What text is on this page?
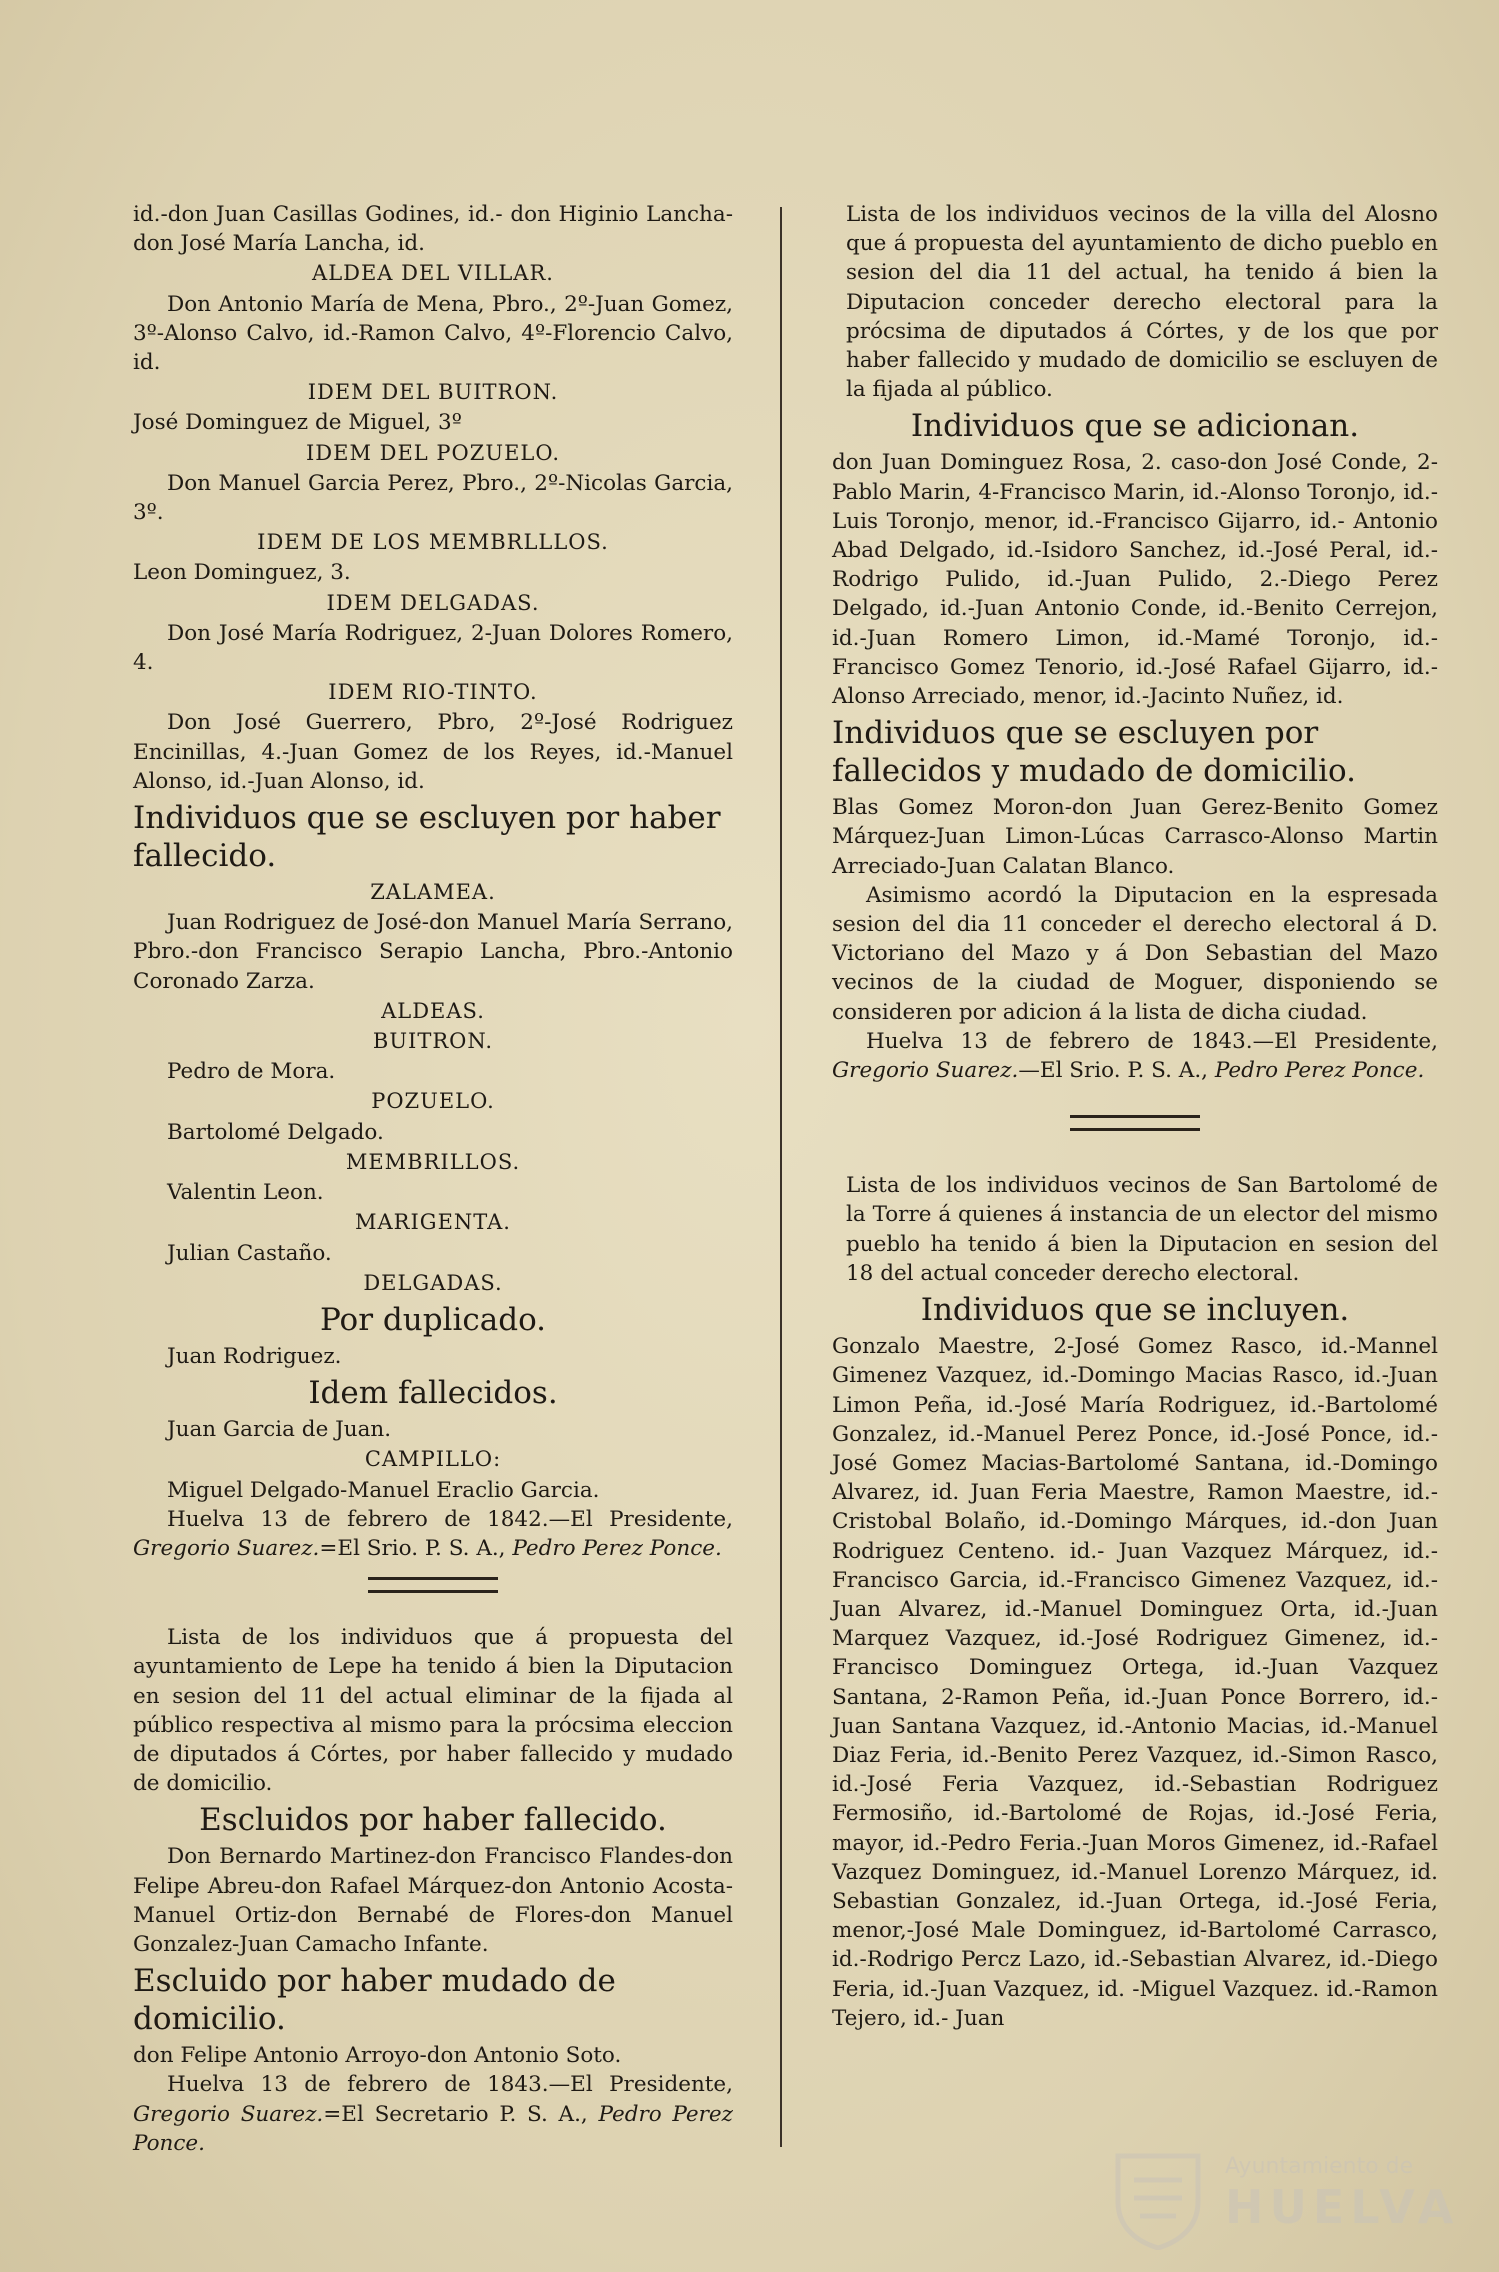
id.-don Juan Casillas Godines, id.- don Higinio Lancha-don José María Lancha, id.

ALDEA DEL VILLAR.

Don Antonio María de Mena, Pbro., 2º-Juan Gomez, 3º-Alonso Calvo, id.-Ramon Calvo, 4º-Florencio Calvo, id.

IDEM DEL BUITRON.

José Dominguez de Miguel, 3º

IDEM DEL POZUELO.

Don Manuel Garcia Perez, Pbro., 2º-Nicolas Garcia, 3º.

IDEM DE LOS MEMBRLLLOS.

Leon Dominguez, 3.

IDEM DELGADAS.

Don José María Rodriguez, 2-Juan Dolores Romero, 4.

IDEM RIO-TINTO.

Don José Guerrero, Pbro, 2º-José Rodriguez Encinillas, 4.-Juan Gomez de los Reyes, id.-Manuel Alonso, id.-Juan Alonso, id.

Individuos que se escluyen por haber fallecido.

ZALAMEA.

Juan Rodriguez de José-don Manuel María Serrano, Pbro.-don Francisco Serapio Lancha, Pbro.-Antonio Coronado Zarza.

ALDEAS.

BUITRON.

Pedro de Mora.

POZUELO.

Bartolomé Delgado.

MEMBRILLOS.

Valentin Leon.

MARIGENTA.

Julian Castaño.

DELGADAS.

Por duplicado.

Juan Rodriguez.

Idem fallecidos.

Juan Garcia de Juan.

CAMPILLO:

Miguel Delgado-Manuel Eraclio Garcia.

Huelva 13 de febrero de 1842.—El Presidente, Gregorio Suarez.=El Srio. P. S. A., Pedro Perez Ponce.

Lista de los individuos que á propuesta del ayuntamiento de Lepe ha tenido á bien la Diputacion en sesion del 11 del actual eliminar de la fijada al público respectiva al mismo para la prócsima eleccion de diputados á Córtes, por haber fallecido y mudado de domicilio.

Escluidos por haber fallecido.

Don Bernardo Martinez-don Francisco Flandes-don Felipe Abreu-don Rafael Márquez-don Antonio Acosta-Manuel Ortiz-don Bernabé de Flores-don Manuel Gonzalez-Juan Camacho Infante.

Escluido por haber mudado de domicilio.

don Felipe Antonio Arroyo-don Antonio Soto.

Huelva 13 de febrero de 1843.—El Presidente, Gregorio Suarez.=El Secretario P. S. A., Pedro Perez Ponce.

Lista de los individuos vecinos de la villa del Alosno que á propuesta del ayuntamiento de dicho pueblo en sesion del dia 11 del actual, ha tenido á bien la Diputacion conceder derecho electoral para la prócsima de diputados á Córtes, y de los que por haber fallecido y mudado de domicilio se escluyen de la fijada al público.

Individuos que se adicionan.

don Juan Dominguez Rosa, 2. caso-don José Conde, 2-Pablo Marin, 4-Francisco Marin, id.-Alonso Toronjo, id.-Luis Toronjo, menor, id.-Francisco Gijarro, id.- Antonio Abad Delgado, id.-Isidoro Sanchez, id.-José Peral, id.-Rodrigo Pulido, id.-Juan Pulido, 2.-Diego Perez Delgado, id.-Juan Antonio Conde, id.-Benito Cerrejon, id.-Juan Romero Limon, id.-Mamé Toronjo, id.-Francisco Gomez Tenorio, id.-José Rafael Gijarro, id.-Alonso Arreciado, menor, id.-Jacinto Nuñez, id.

Individuos que se escluyen por fallecidos y mudado de domicilio.

Blas Gomez Moron-don Juan Gerez-Benito Gomez Márquez-Juan Limon-Lúcas Carrasco-Alonso Martin Arreciado-Juan Calatan Blanco.

Asimismo acordó la Diputacion en la espresada sesion del dia 11 conceder el derecho electoral á D. Victoriano del Mazo y á Don Sebastian del Mazo vecinos de la ciudad de Moguer, disponiendo se consideren por adicion á la lista de dicha ciudad.

Huelva 13 de febrero de 1843.—El Presidente, Gregorio Suarez.—El Srio. P. S. A., Pedro Perez Ponce.

Lista de los individuos vecinos de San Bartolomé de la Torre á quienes á instancia de un elector del mismo pueblo ha tenido á bien la Diputacion en sesion del 18 del actual conceder derecho electoral.

Individuos que se incluyen.

Gonzalo Maestre, 2-José Gomez Rasco, id.-Mannel Gimenez Vazquez, id.-Domingo Macias Rasco, id.-Juan Limon Peña, id.-José María Rodriguez, id.-Bartolomé Gonzalez, id.-Manuel Perez Ponce, id.-José Ponce, id.-José Gomez Macias-Bartolomé Santana, id.-Domingo Alvarez, id. Juan Feria Maestre, Ramon Maestre, id.-Cristobal Bolaño, id.-Domingo Márques, id.-don Juan Rodriguez Centeno. id.- Juan Vazquez Márquez, id.-Francisco Garcia, id.-Francisco Gimenez Vazquez, id.-Juan Alvarez, id.-Manuel Dominguez Orta, id.-Juan Marquez Vazquez, id.-José Rodriguez Gimenez, id.-Francisco Dominguez Ortega, id.-Juan Vazquez Santana, 2-Ramon Peña, id.-Juan Ponce Borrero, id.-Juan Santana Vazquez, id.-Antonio Macias, id.-Manuel Diaz Feria, id.-Benito Perez Vazquez, id.-Simon Rasco, id.-José Feria Vazquez, id.-Sebastian Rodriguez Fermosiño, id.-Bartolomé de Rojas, id.-José Feria, mayor, id.-Pedro Feria.-Juan Moros Gimenez, id.-Rafael Vazquez Dominguez, id.-Manuel Lorenzo Márquez, id. Sebastian Gonzalez, id.-Juan Ortega, id.-José Feria, menor,-José Male Dominguez, id-Bartolomé Carrasco, id.-Rodrigo Percz Lazo, id.-Sebastian Alvarez, id.-Diego Feria, id.-Juan Vazquez, id. -Miguel Vazquez. id.-Ramon Tejero, id.- Juan

Ayuntamiento de
HUELVA
